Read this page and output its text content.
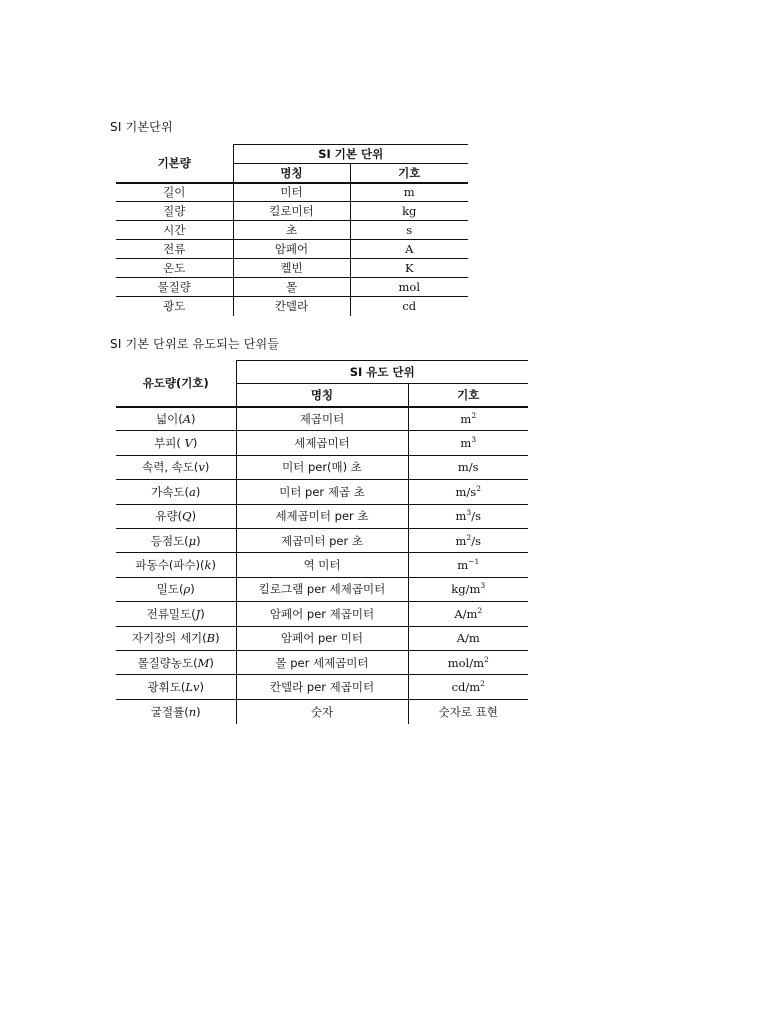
SI 기본단위
기본량	SI 기본 단위	
	명칭	기호
길이	미터	m
질량	킬로미터	kg
시간	초	s
전류	암페어	A
온도	켈빈	K
물질량	몰	mol
광도	칸델라	cd
SI 기본 단위로 유도되는 단위들
유도량(기호)	SI 유도 단위	
	명칭	기호
넓이(A)	제곱미터	$m^2$
부피( V)	세제곱미터	$m^3$
속력, 속도(v)	미터 per(매) 초	m/s
가속도(a)	미터 per 제곱 초	$m/s^2$
유량(Q)	세제곱미터 per 초	$m^3/s$
등점도(μ)	제곱미터 per 초	$m^2/s$
파동수(파수)(k)	역 미터	$m^{-1}$
밀도(ρ)	킬로그램 per 세제곱미터	$kg/m^3$
전류밀도(J)	암페어 per 제곱미터	$A/m^2$
자기장의 세기(B)	암페어 per 미터	A/m
몰질량농도(M)	몰 per 세제곱미터	mol/$m^2$
광휘도(Lv)	칸델라 per 제곱미터	$cd/m^2$
굴절률(n)	숫자	숫자로 표현
